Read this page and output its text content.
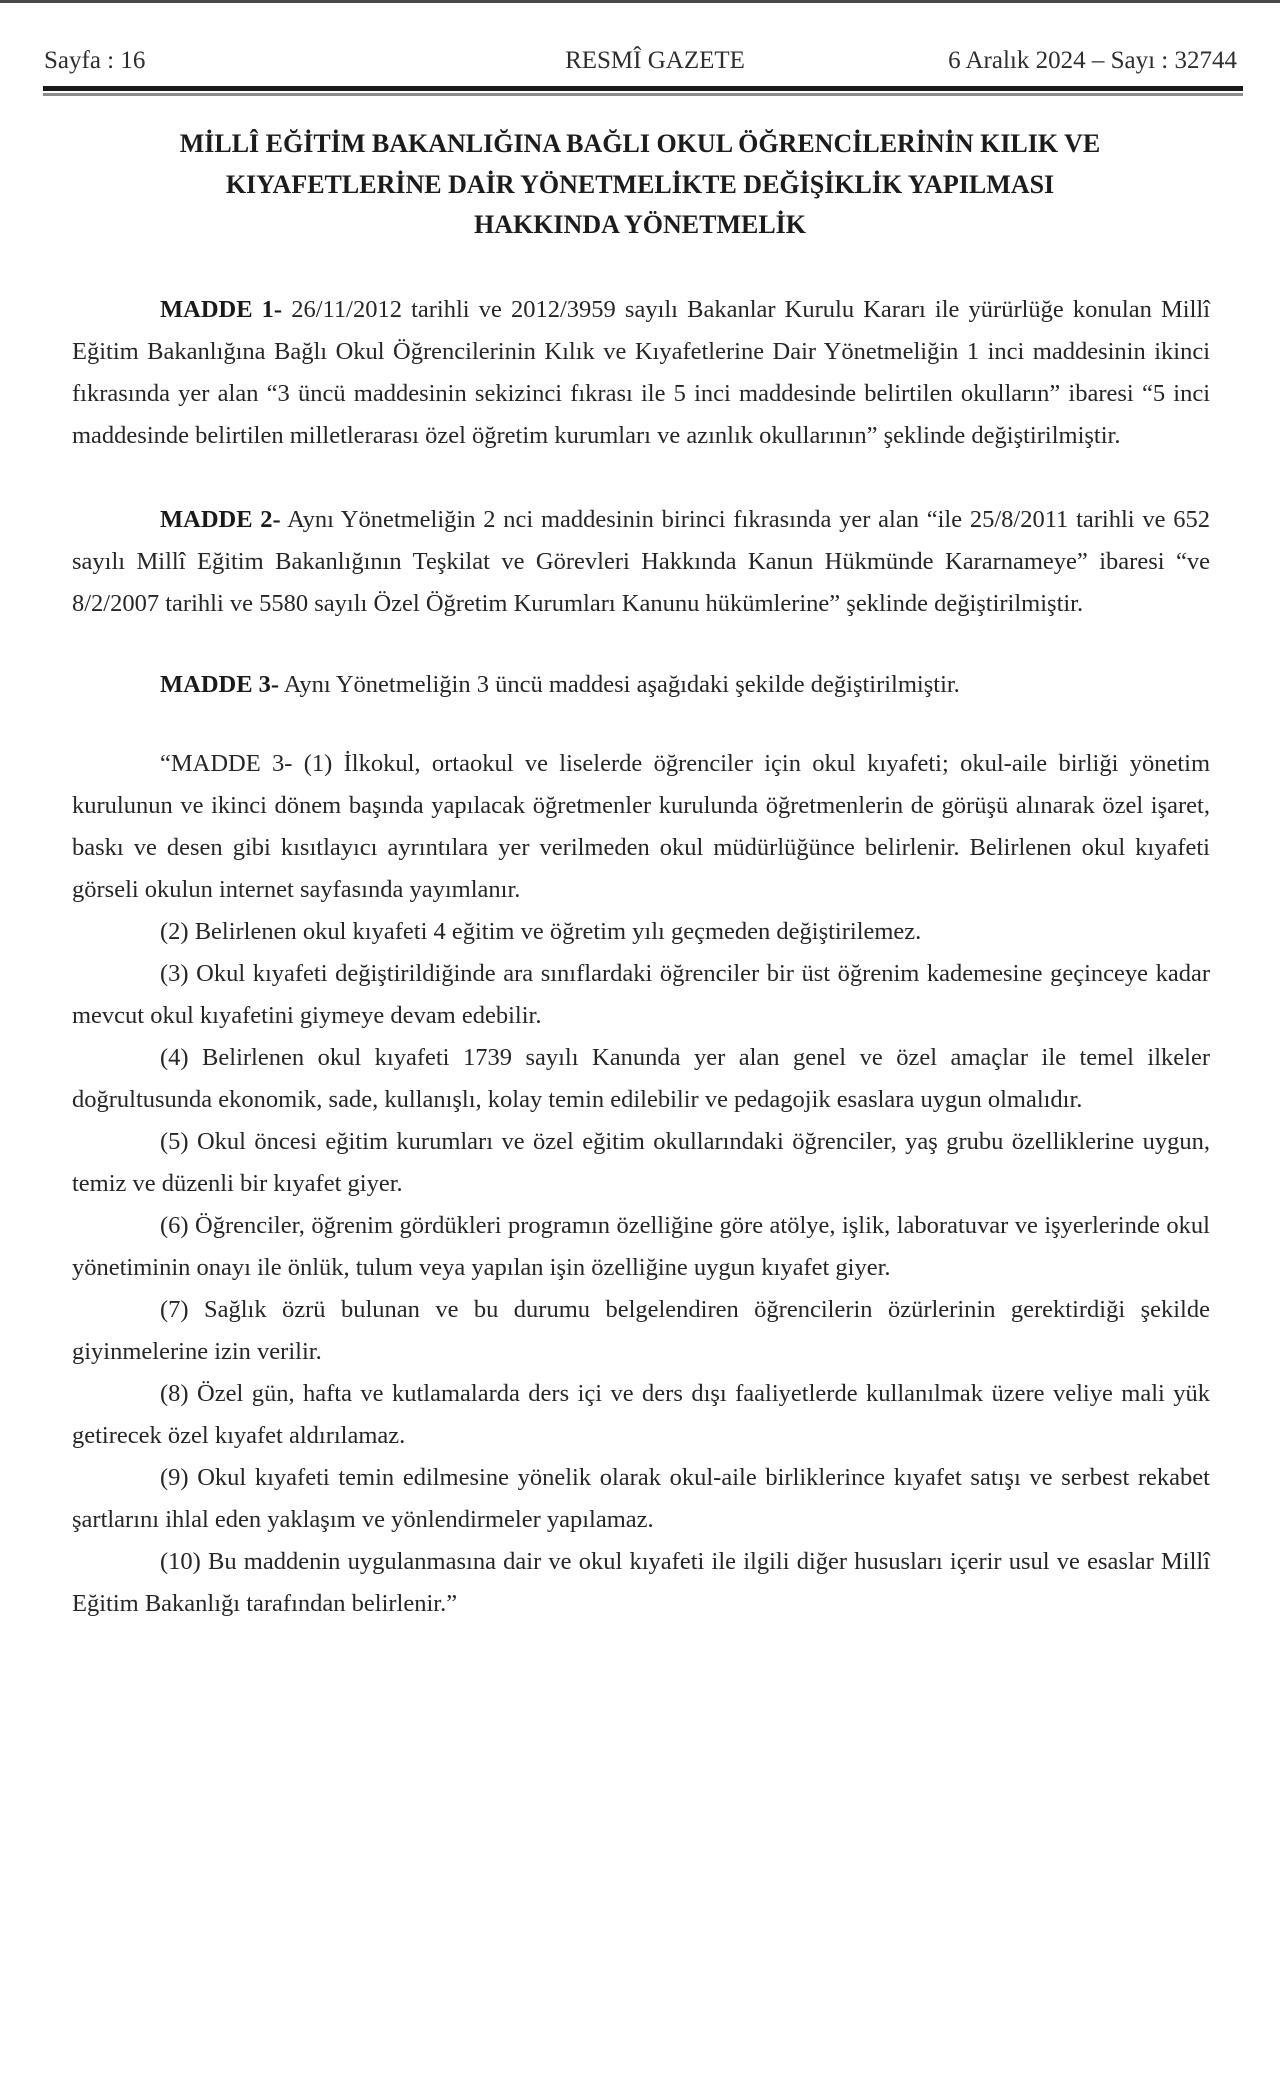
Sayfa : 16	RESMÎ GAZETE	6 Aralık 2024 – Sayı : 32744
MİLLÎ EĞİTİM BAKANLIĞINA BAĞLI OKUL ÖĞRENCİLERİNİN KILIK VE
KIYAFETLERİNE DAİR YÖNETMELİKTE DEĞİŞİKLİK YAPILMASI
HAKKINDA YÖNETMELİK

MADDE 1- 26/11/2012 tarihli ve 2012/3959 sayılı Bakanlar Kurulu Kararı ile yürürlüğe konulan Millî Eğitim Bakanlığına Bağlı Okul Öğrencilerinin Kılık ve Kıyafetlerine Dair Yönetmeliğin 1 inci maddesinin ikinci fıkrasında yer alan “3 üncü maddesinin sekizinci fıkrası ile 5 inci maddesinde belirtilen okulların” ibaresi “5 inci maddesinde belirtilen milletlerarası özel öğretim kurumları ve azınlık okullarının” şeklinde değiştirilmiştir.

MADDE 2- Aynı Yönetmeliğin 2 nci maddesinin birinci fıkrasında yer alan “ile 25/8/2011 tarihli ve 652 sayılı Millî Eğitim Bakanlığının Teşkilat ve Görevleri Hakkında Kanun Hükmünde Kararnameye” ibaresi “ve 8/2/2007 tarihli ve 5580 sayılı Özel Öğretim Kurumları Kanunu hükümlerine” şeklinde değiştirilmiştir.

MADDE 3- Aynı Yönetmeliğin 3 üncü maddesi aşağıdaki şekilde değiştirilmiştir.

“MADDE 3- (1) İlkokul, ortaokul ve liselerde öğrenciler için okul kıyafeti; okul-aile birliği yönetim kurulunun ve ikinci dönem başında yapılacak öğretmenler kurulunda öğretmenlerin de görüşü alınarak özel işaret, baskı ve desen gibi kısıtlayıcı ayrıntılara yer verilmeden okul müdürlüğünce belirlenir. Belirlenen okul kıyafeti görseli okulun internet sayfasında yayımlanır.

(2) Belirlenen okul kıyafeti 4 eğitim ve öğretim yılı geçmeden değiştirilemez.

(3) Okul kıyafeti değiştirildiğinde ara sınıflardaki öğrenciler bir üst öğrenim kademesine geçinceye kadar mevcut okul kıyafetini giymeye devam edebilir.

(4) Belirlenen okul kıyafeti 1739 sayılı Kanunda yer alan genel ve özel amaçlar ile temel ilkeler doğrultusunda ekonomik, sade, kullanışlı, kolay temin edilebilir ve pedagojik esaslara uygun olmalıdır.

(5) Okul öncesi eğitim kurumları ve özel eğitim okullarındaki öğrenciler, yaş grubu özelliklerine uygun, temiz ve düzenli bir kıyafet giyer.

(6) Öğrenciler, öğrenim gördükleri programın özelliğine göre atölye, işlik, laboratuvar ve işyerlerinde okul yönetiminin onayı ile önlük, tulum veya yapılan işin özelliğine uygun kıyafet giyer.

(7) Sağlık özrü bulunan ve bu durumu belgelendiren öğrencilerin özürlerinin gerektirdiği şekilde giyinmelerine izin verilir.

(8) Özel gün, hafta ve kutlamalarda ders içi ve ders dışı faaliyetlerde kullanılmak üzere veliye mali yük getirecek özel kıyafet aldırılamaz.

(9) Okul kıyafeti temin edilmesine yönelik olarak okul-aile birliklerince kıyafet satışı ve serbest rekabet şartlarını ihlal eden yaklaşım ve yönlendirmeler yapılamaz.

(10) Bu maddenin uygulanmasına dair ve okul kıyafeti ile ilgili diğer hususları içerir usul ve esaslar Millî Eğitim Bakanlığı tarafından belirlenir.”
